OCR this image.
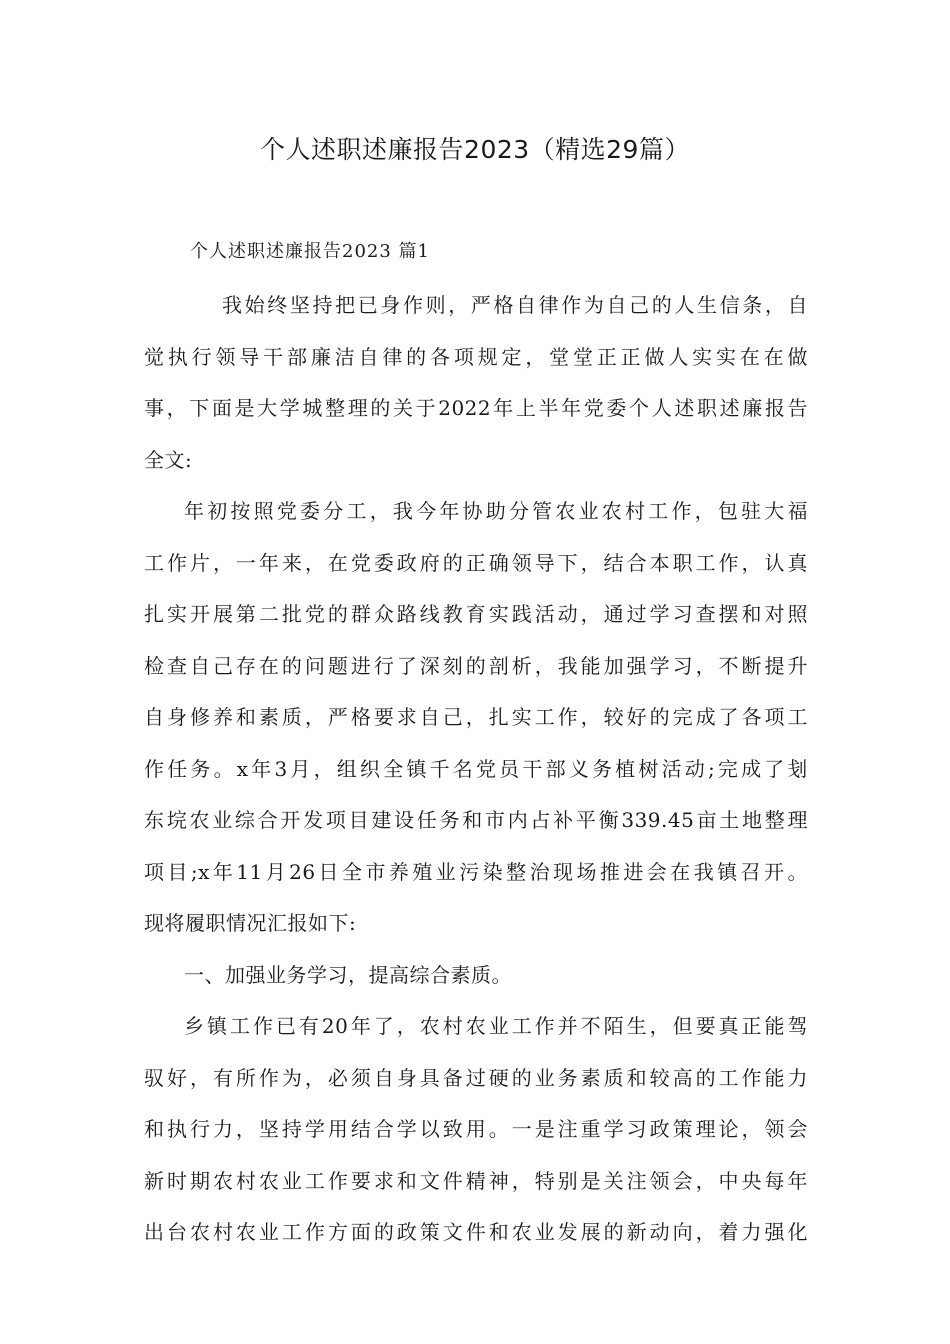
个人述职述廉报告2023（精选29篇）
个人述职述廉报告2023 篇1

我始终坚持把已身作则，严格自律作为自己的人生信条，自
觉执行领导干部廉洁自律的各项规定，堂堂正正做人实实在在做
事，下面是大学城整理的关于2022年上半年党委个人述职述廉报告
全文:

年初按照党委分工，我今年协助分管农业农村工作，包驻大福
工作片，一年来，在党委政府的正确领导下，结合本职工作，认真
扎实开展第二批党的群众路线教育实践活动，通过学习查摆和对照
检查自己存在的问题进行了深刻的剖析，我能加强学习，不断提升
自身修养和素质，严格要求自己，扎实工作，较好的完成了各项工
作任务。x年3月，组织全镇千名党员干部义务植树活动;完成了刬
东垸农业综合开发项目建设任务和市内占补平衡339.45亩土地整理
项目;x年11月26日全市养殖业污染整治现场推进会在我镇召开。
现将履职情况汇报如下:

一、加强业务学习，提高综合素质。

乡镇工作已有20年了，农村农业工作并不陌生，但要真正能驾
驭好，有所作为，必须自身具备过硬的业务素质和较高的工作能力
和执行力，坚持学用结合学以致用。一是注重学习政策理论，领会
新时期农村农业工作要求和文件精神，特别是关注领会，中央每年
出台农村农业工作方面的政策文件和农业发展的新动向，着力强化
